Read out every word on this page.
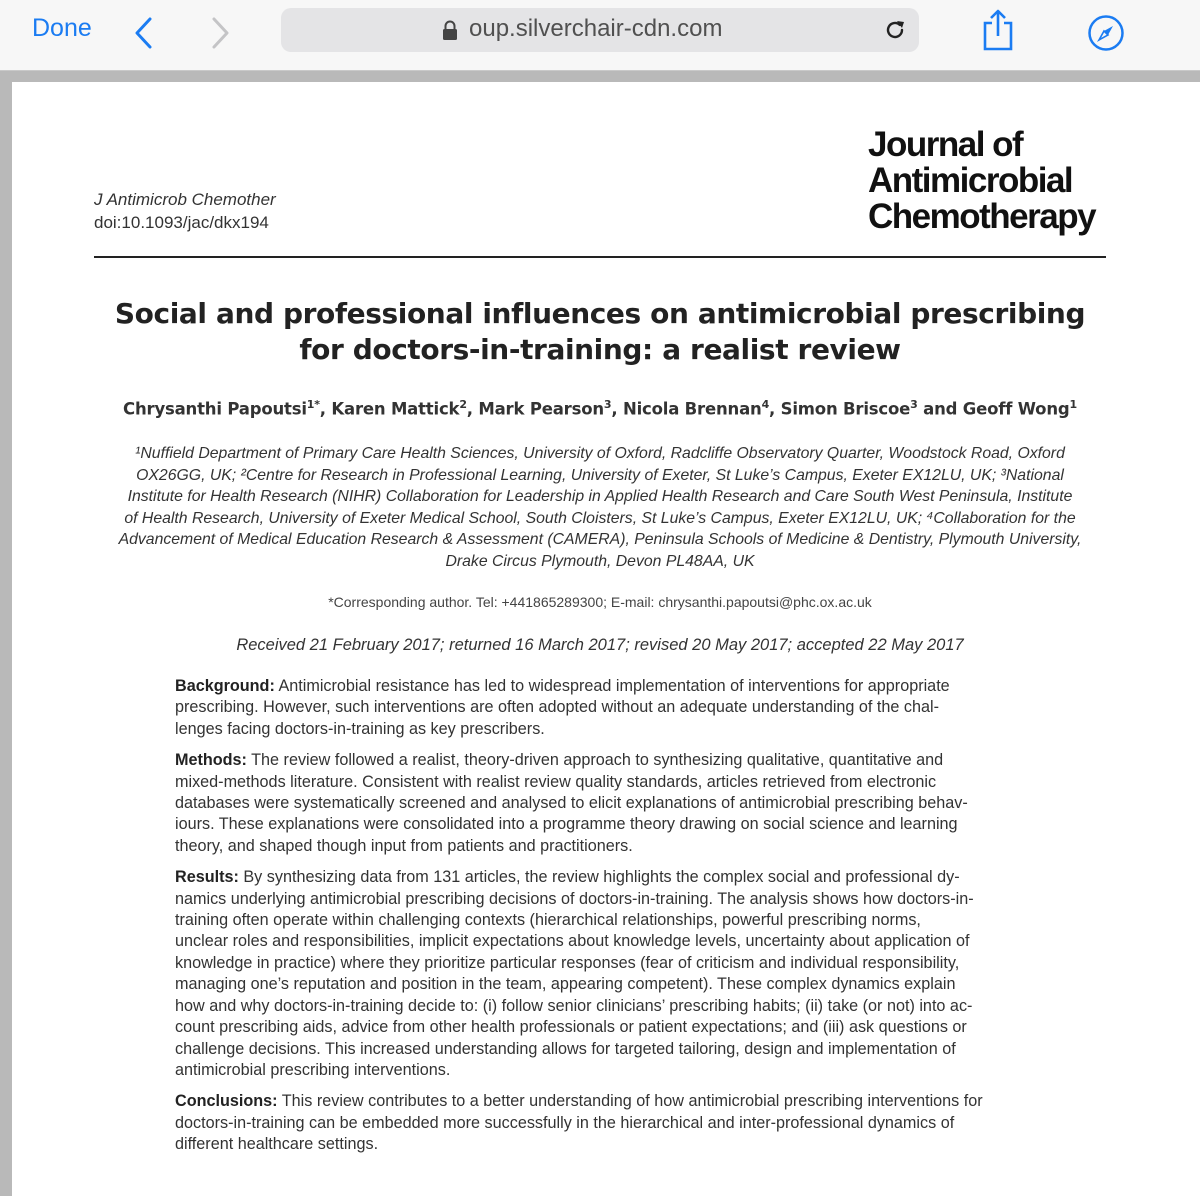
Done	oup.silverchair-cdn.com
J Antimicrob Chemother
doi:10.1093/jac/dkx194
Journal of
Antimicrobial
Chemotherapy
Social and professional influences on antimicrobial prescribing
for doctors-in-training: a realist review
Chrysanthi Papoutsi$^{1*}$, Karen Mattick$^2$, Mark Pearson$^3$, Nicola Brennan$^4$, Simon Briscoe$^3$ and Geoff Wong$^1$
¹Nuffield Department of Primary Care Health Sciences, University of Oxford, Radcliffe Observatory Quarter, Woodstock Road, Oxford
OX26GG, UK; ²Centre for Research in Professional Learning, University of Exeter, St Luke’s Campus, Exeter EX12LU, UK; ³National
Institute for Health Research (NIHR) Collaboration for Leadership in Applied Health Research and Care South West Peninsula, Institute
of Health Research, University of Exeter Medical School, South Cloisters, St Luke’s Campus, Exeter EX12LU, UK; ⁴Collaboration for the
Advancement of Medical Education Research & Assessment (CAMERA), Peninsula Schools of Medicine & Dentistry, Plymouth University,
Drake Circus Plymouth, Devon PL48AA, UK
*Corresponding author. Tel: +441865289300; E-mail: chrysanthi.papoutsi@phc.ox.ac.uk
Received 21 February 2017; returned 16 March 2017; revised 20 May 2017; accepted 22 May 2017
Background: Antimicrobial resistance has led to widespread implementation of interventions for appropriate
prescribing. However, such interventions are often adopted without an adequate understanding of the chal-
lenges facing doctors-in-training as key prescribers.
Methods: The review followed a realist, theory-driven approach to synthesizing qualitative, quantitative and
mixed-methods literature. Consistent with realist review quality standards, articles retrieved from electronic
databases were systematically screened and analysed to elicit explanations of antimicrobial prescribing behav-
iours. These explanations were consolidated into a programme theory drawing on social science and learning
theory, and shaped though input from patients and practitioners.
Results: By synthesizing data from 131 articles, the review highlights the complex social and professional dy-
namics underlying antimicrobial prescribing decisions of doctors-in-training. The analysis shows how doctors-in-
training often operate within challenging contexts (hierarchical relationships, powerful prescribing norms,
unclear roles and responsibilities, implicit expectations about knowledge levels, uncertainty about application of
knowledge in practice) where they prioritize particular responses (fear of criticism and individual responsibility,
managing one’s reputation and position in the team, appearing competent). These complex dynamics explain
how and why doctors-in-training decide to: (i) follow senior clinicians’ prescribing habits; (ii) take (or not) into ac-
count prescribing aids, advice from other health professionals or patient expectations; and (iii) ask questions or
challenge decisions. This increased understanding allows for targeted tailoring, design and implementation of
antimicrobial prescribing interventions.
Conclusions: This review contributes to a better understanding of how antimicrobial prescribing interventions for
doctors-in-training can be embedded more successfully in the hierarchical and inter-professional dynamics of
different healthcare settings.
